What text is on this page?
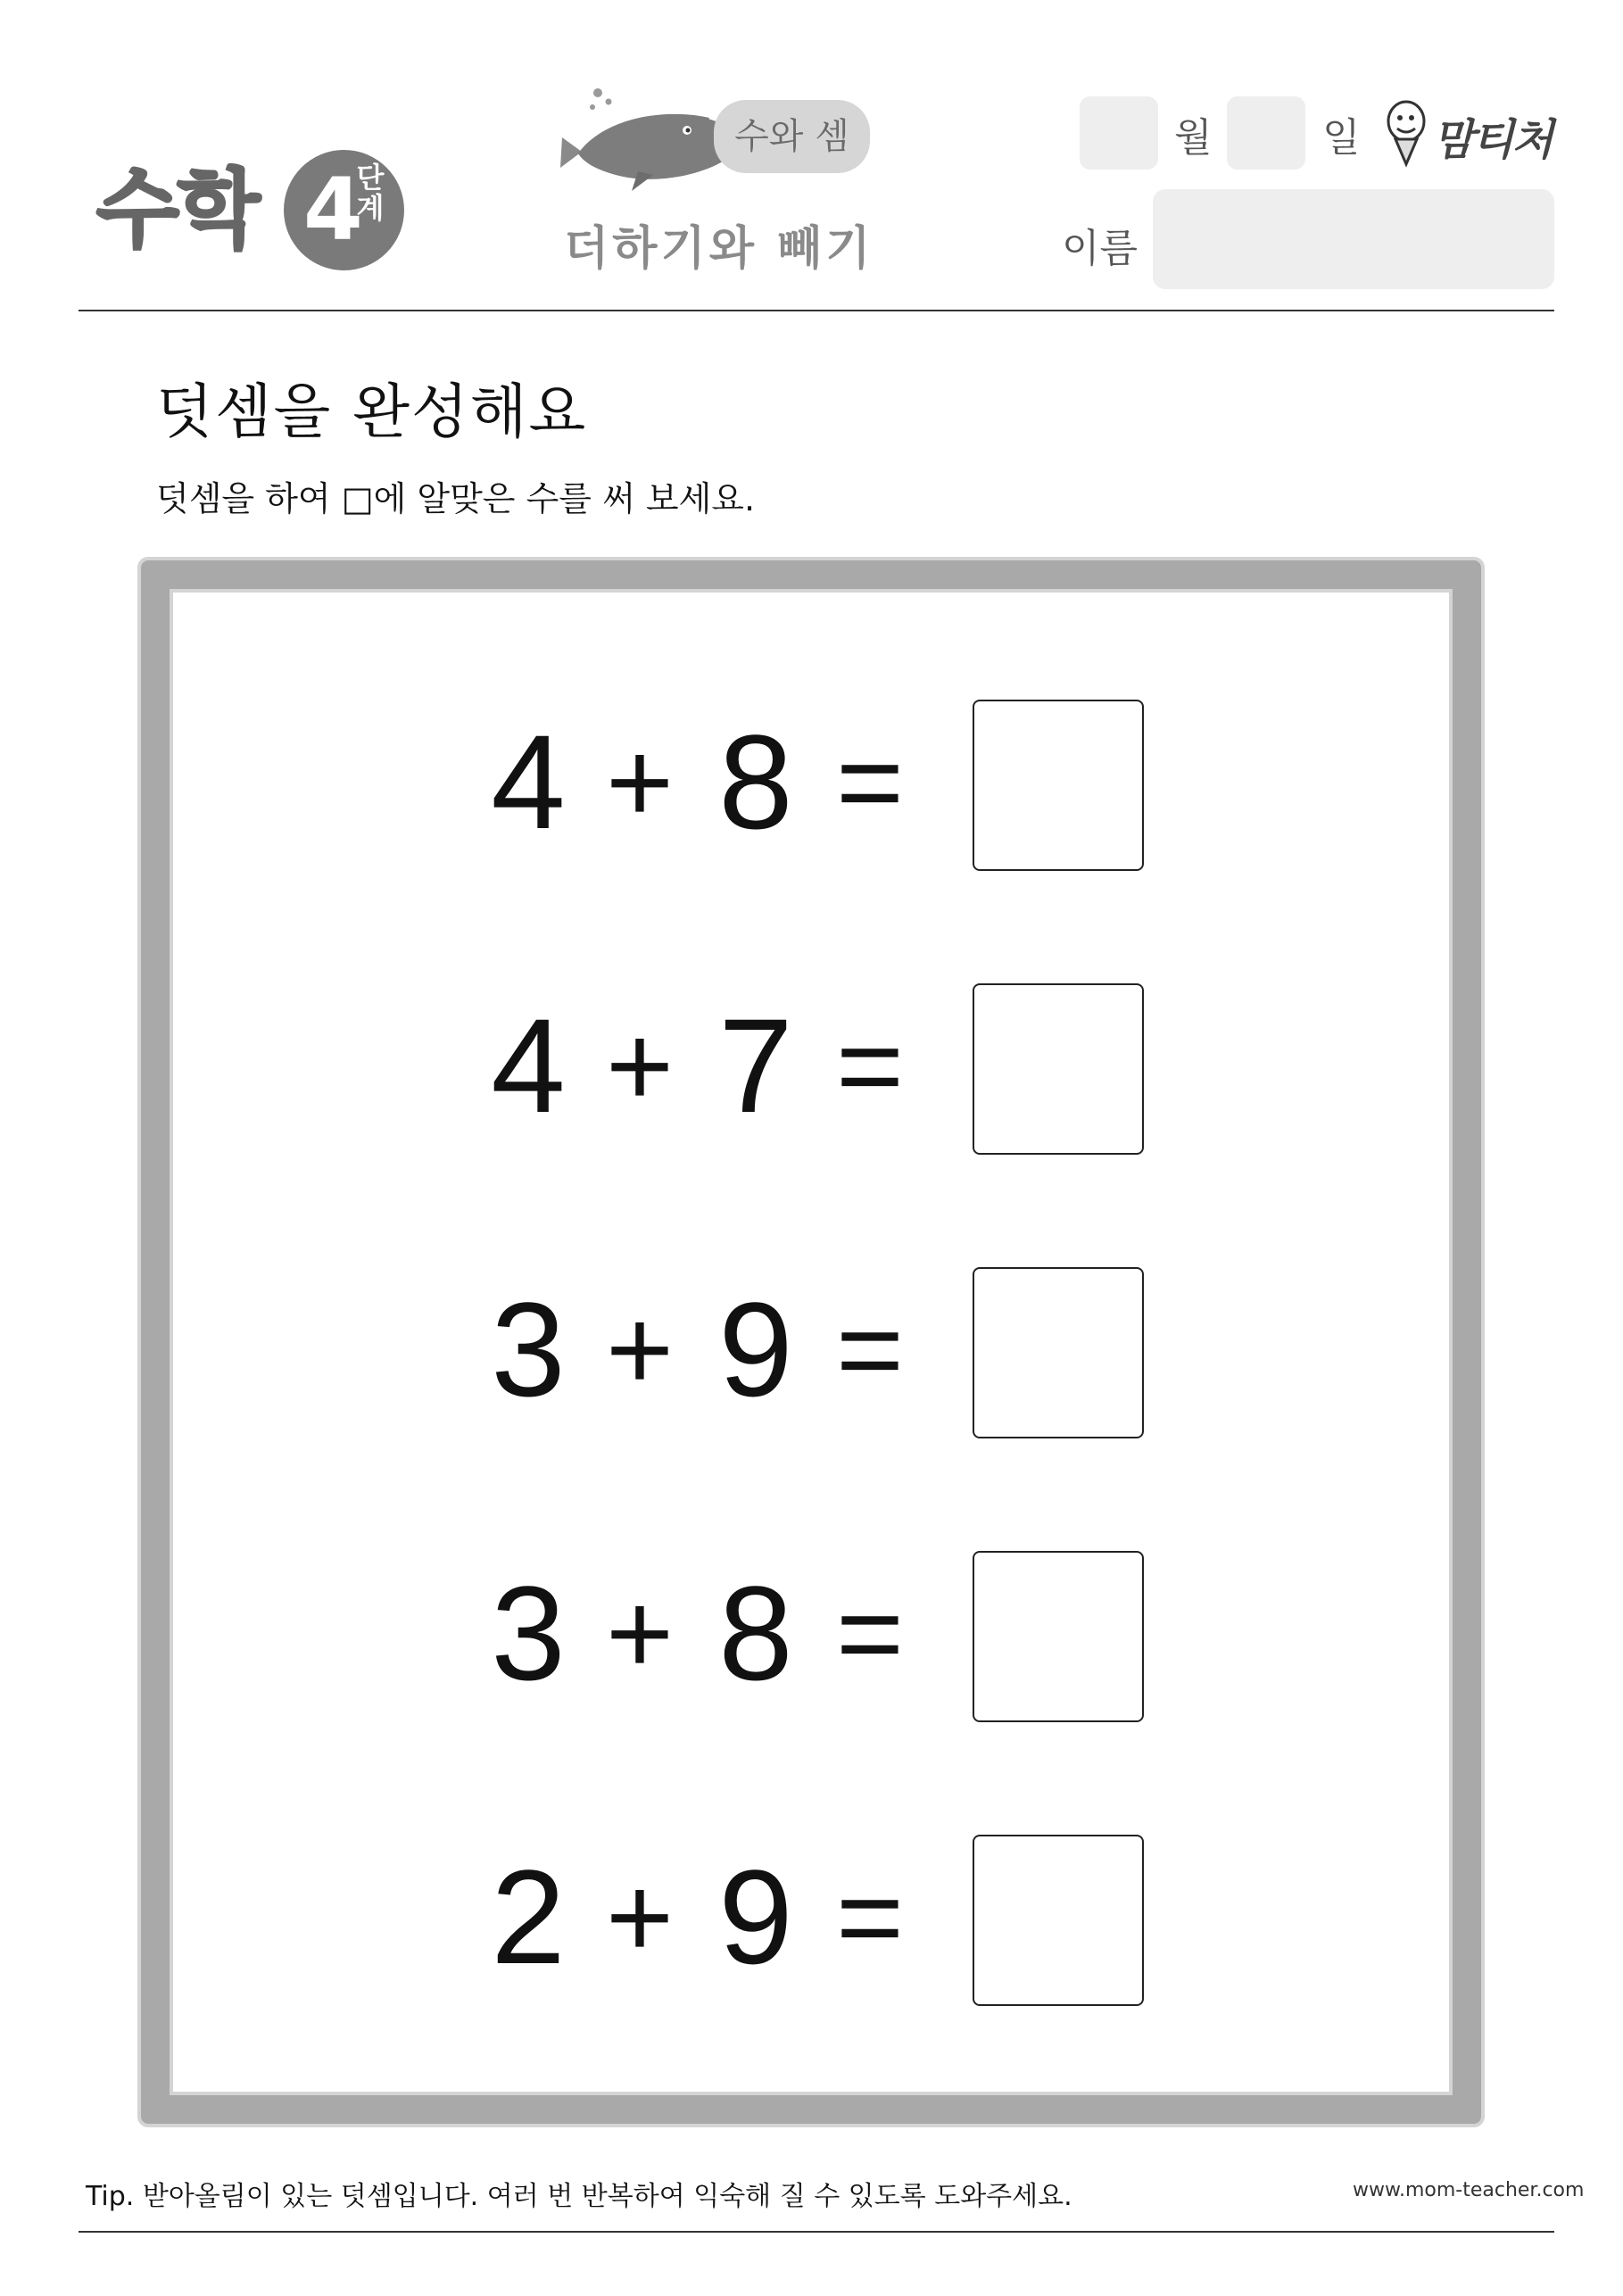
수학 4
단계
수와 셈
더하기와 빼기
월	일 맘티처
이름
덧셈을 완성해요
덧셈을 하여 □에 알맞은 수를 써 보세요.
4 + 8 =
4 + 7 =
3 + 9 =
3 + 8 =
2 + 9 =
Tip. 받아올림이 있는 덧셈입니다. 여러 번 반복하여 익숙해 질 수 있도록 도와주세요.	www.mom-teacher.com
